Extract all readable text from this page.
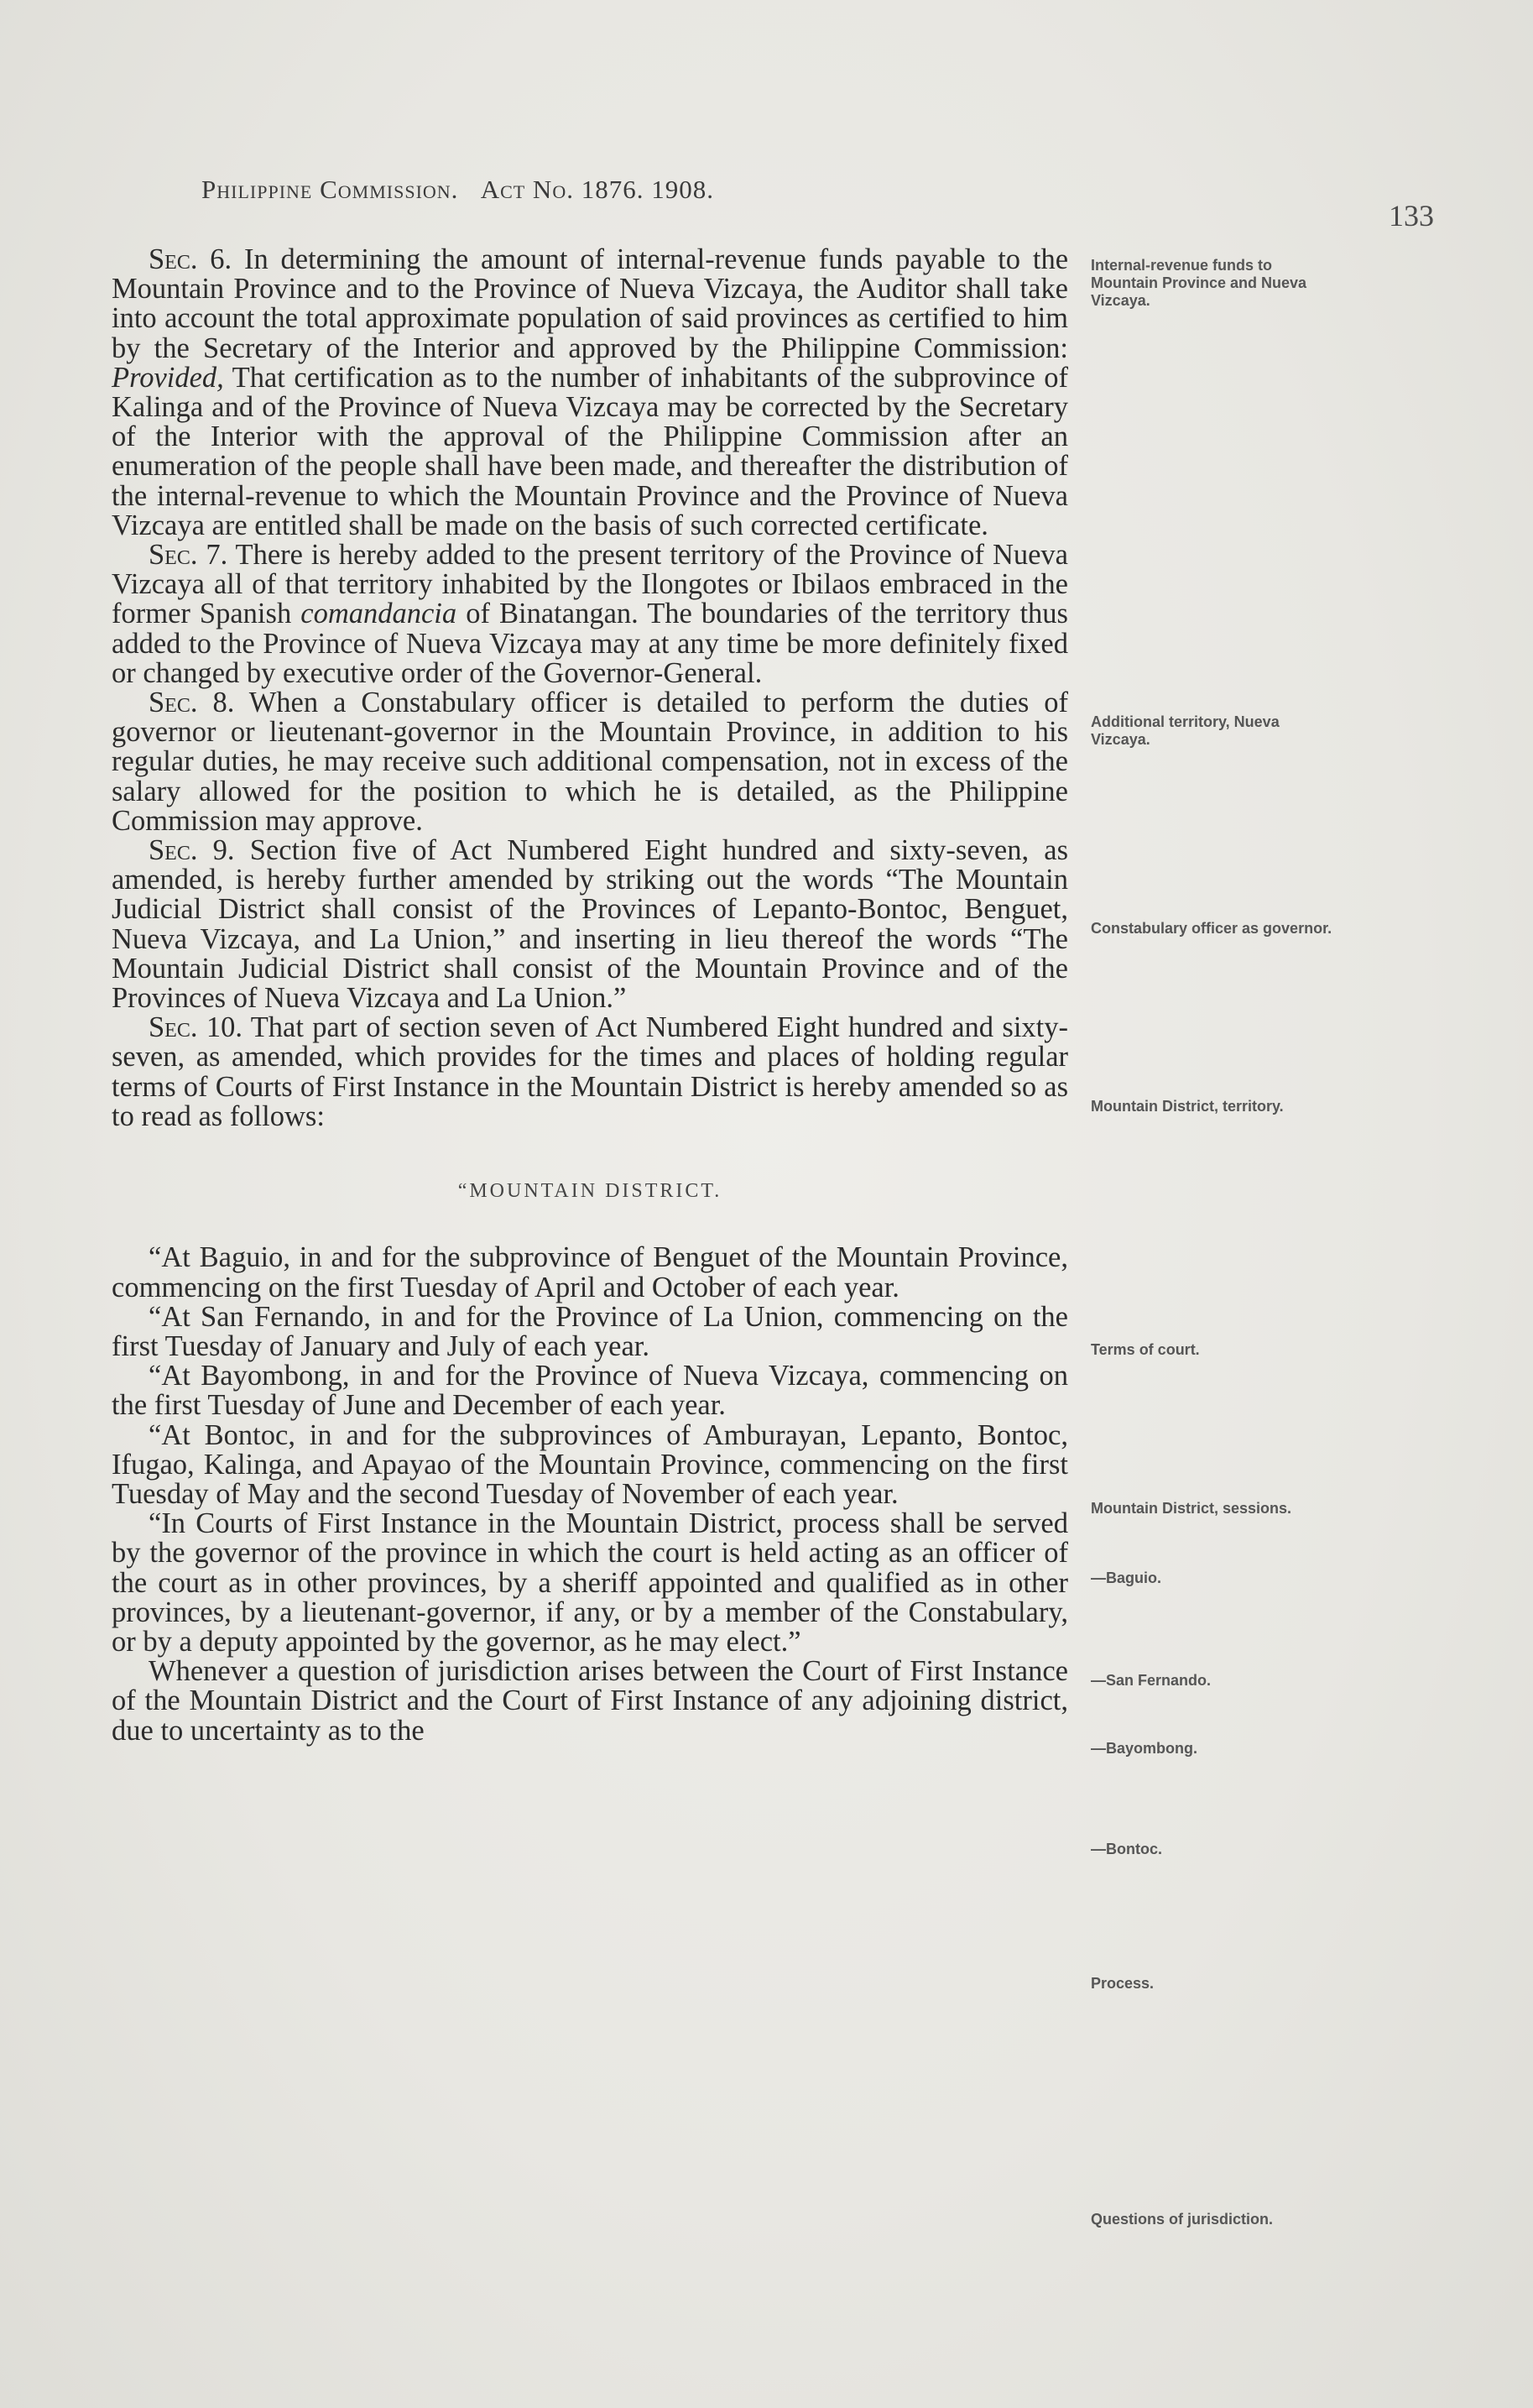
Philippine Commission. Act No. 1876. 1908.
133

Sec. 6. In determining the amount of internal-revenue funds payable to the Mountain Province and to the Province of Nueva Vizcaya, the Auditor shall take into account the total approximate population of said provinces as certified to him by the Secretary of the Interior and approved by the Philippine Commission: Provided, That certification as to the number of inhabitants of the subprovince of Kalinga and of the Province of Nueva Vizcaya may be corrected by the Secretary of the Interior with the approval of the Philippine Commission after an enumeration of the people shall have been made, and thereafter the distribution of the internal-revenue to which the Mountain Province and the Province of Nueva Vizcaya are entitled shall be made on the basis of such corrected certificate.

Sec. 7. There is hereby added to the present territory of the Province of Nueva Vizcaya all of that territory inhabited by the Ilongotes or Ibilaos embraced in the former Spanish comandancia of Binatangan. The boundaries of the territory thus added to the Province of Nueva Vizcaya may at any time be more definitely fixed or changed by executive order of the Governor-General.

Sec. 8. When a Constabulary officer is detailed to perform the duties of governor or lieutenant-governor in the Mountain Province, in addition to his regular duties, he may receive such additional compensation, not in excess of the salary allowed for the position to which he is detailed, as the Philippine Commission may approve.

Sec. 9. Section five of Act Numbered Eight hundred and sixty-seven, as amended, is hereby further amended by striking out the words “The Mountain Judicial District shall consist of the Provinces of Lepanto-Bontoc, Benguet, Nueva Vizcaya, and La Union,” and inserting in lieu thereof the words “The Mountain Judicial District shall consist of the Mountain Province and of the Provinces of Nueva Vizcaya and La Union.”

Sec. 10. That part of section seven of Act Numbered Eight hundred and sixty-seven, as amended, which provides for the times and places of holding regular terms of Courts of First Instance in the Mountain District is hereby amended so as to read as follows:

“MOUNTAIN DISTRICT.

“At Baguio, in and for the subprovince of Benguet of the Mountain Province, commencing on the first Tuesday of April and October of each year.

“At San Fernando, in and for the Province of La Union, commencing on the first Tuesday of January and July of each year.

“At Bayombong, in and for the Province of Nueva Vizcaya, commencing on the first Tuesday of June and December of each year.

“At Bontoc, in and for the subprovinces of Amburayan, Lepanto, Bontoc, Ifugao, Kalinga, and Apayao of the Mountain Province, commencing on the first Tuesday of May and the second Tuesday of November of each year.

“In Courts of First Instance in the Mountain District, process shall be served by the governor of the province in which the court is held acting as an officer of the court as in other provinces, by a sheriff appointed and qualified as in other provinces, by a lieutenant-governor, if any, or by a member of the Constabulary, or by a deputy appointed by the governor, as he may elect.”

Whenever a question of jurisdiction arises between the Court of First Instance of the Mountain District and the Court of First Instance of any adjoining district, due to uncertainty as to the

Internal-revenue funds to Mountain Province and Nueva Vizcaya.
Additional territory, Nueva Vizcaya.
Constabulary officer as governor.
Mountain District, territory.
Terms of court.
Mountain District, sessions.
—Baguio.
—San Fernando.
—Bayombong.
—Bontoc.
Process.
Questions of jurisdiction.
